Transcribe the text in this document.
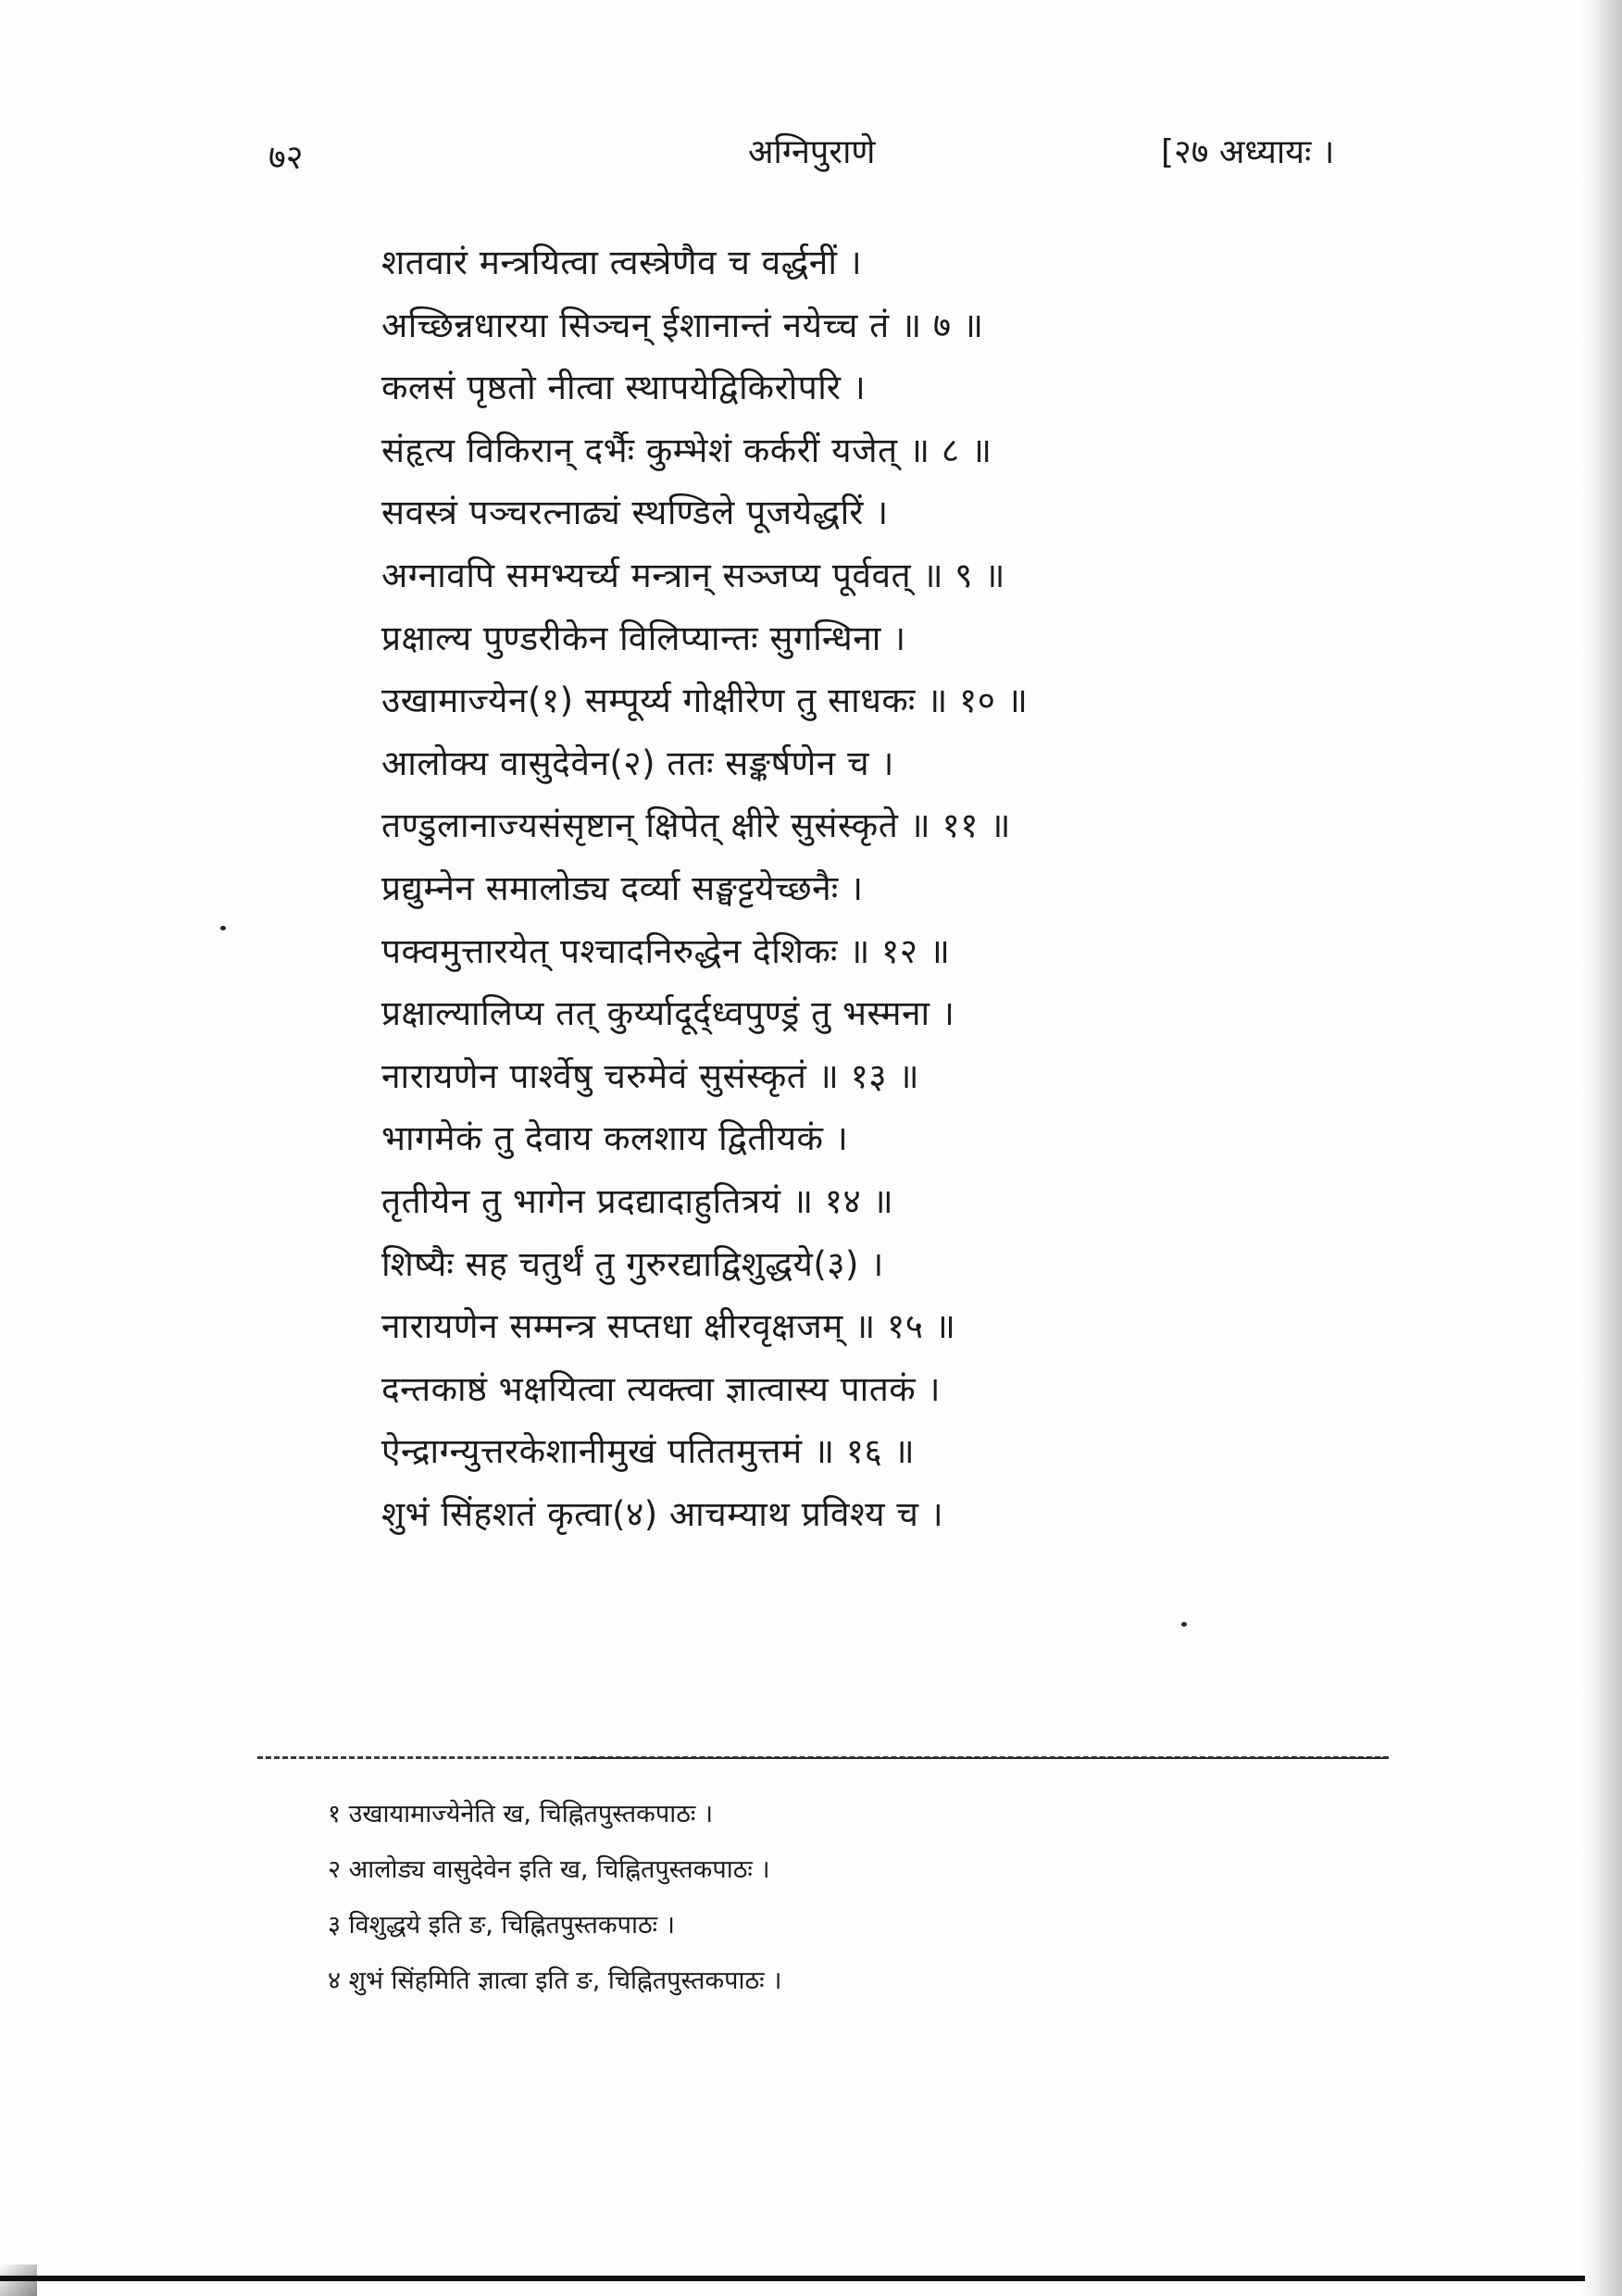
७२	अग्निपुराणे	[२७ अध्यायः ।
शतवारं मन्त्रयित्वा त्वस्त्रेणैव च वर्द्धनीं ।
अच्छिन्नधारया सिञ्चन् ईशानान्तं नयेच्च तं ॥ ७ ॥
कलसं पृष्ठतो नीत्वा स्थापयेद्विकिरोपरि ।
संहृत्य विकिरान् दर्भैः कुम्भेशं कर्करीं यजेत् ॥ ८ ॥
सवस्त्रं पञ्चरत्नाढ्यं स्थण्डिले पूजयेद्धरिं ।
अग्नावपि समभ्यर्च्य मन्त्रान् सञ्जप्य पूर्ववत् ॥ ९ ॥
प्रक्षाल्य पुण्डरीकेन विलिप्यान्तः सुगन्धिना ।
उखामाज्येन(१) सम्पूर्य्य गोक्षीरेण तु साधकः ॥ १० ॥
आलोक्य वासुदेवेन(२) ततः सङ्कर्षणेन च ।
तण्डुलानाज्यसंसृष्टान् क्षिपेत् क्षीरे सुसंस्कृते ॥ ११ ॥
प्रद्युम्नेन समालोड्य दर्व्या सङ्घट्टयेच्छनैः ।
पक्वमुत्तारयेत् पश्चादनिरुद्धेन देशिकः ॥ १२ ॥
प्रक्षाल्यालिप्य तत् कुर्य्यादूर्द्ध्वपुण्ड्रं तु भस्मना ।
नारायणेन पार्श्वेषु चरुमेवं सुसंस्कृतं ॥ १३ ॥
भागमेकं तु देवाय कलशाय द्वितीयकं ।
तृतीयेन तु भागेन प्रदद्यादाहुतित्रयं ॥ १४ ॥
शिष्यैः सह चतुर्थं तु गुरुरद्याद्विशुद्धये(३) ।
नारायणेन सम्मन्त्र सप्तधा क्षीरवृक्षजम् ॥ १५ ॥
दन्तकाष्ठं भक्षयित्वा त्यक्त्वा ज्ञात्वास्य पातकं ।
ऐन्द्राग्न्युत्तरकेशानीमुखं पतितमुत्तमं ॥ १६ ॥
शुभं सिंहशतं कृत्वा(४) आचम्याथ प्रविश्य च ।
१ उखायामाज्येनेति ख, चिह्नितपुस्तकपाठः ।
२ आलोड्य वासुदेवेन इति ख, चिह्नितपुस्तकपाठः ।
३ विशुद्धये इति ङ, चिह्नितपुस्तकपाठः ।
४ शुभं सिंहमिति ज्ञात्वा इति ङ, चिह्नितपुस्तकपाठः ।
